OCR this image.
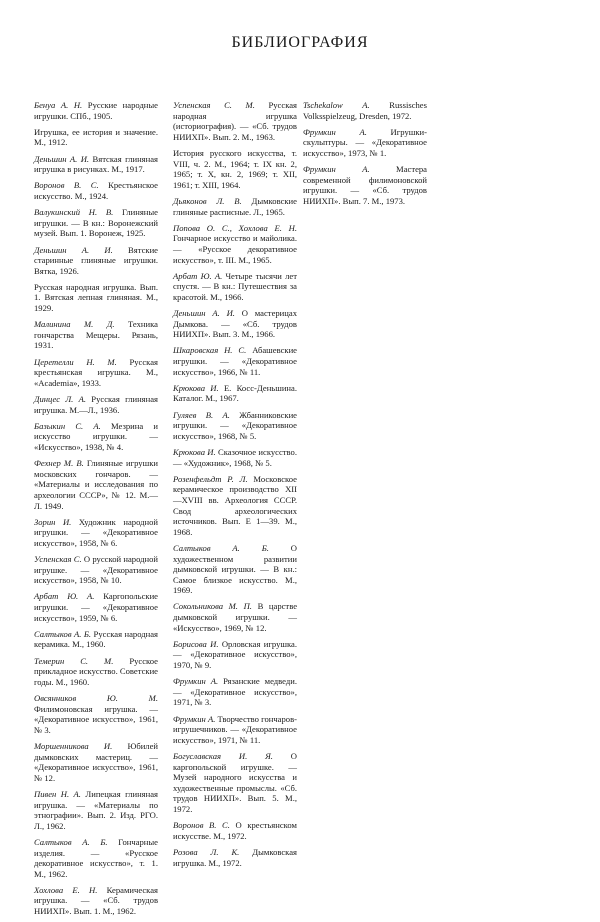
БИБЛИОГРАФИЯ

Бенуа А. Н. Русские народные игрушки. СПб., 1905.

Игрушка, ее история и значение. М., 1912.

Деньшин А. И. Вятская глиняная игрушка в рисунках. М., 1917.

Воронов В. С. Крестьянское искусство. М., 1924.

Валукинский Н. В. Глиняные игрушки. — В кн.: Воронежский музей. Вып. 1. Воронеж, 1925.

Деньшин А. И. Вятские старинные глиняные игрушки. Вятка, 1926.

Русская народная игрушка. Вып. 1. Вятская лепная глиняная. М., 1929.

Малинина М. Д. Техника гончарства Мещеры. Рязань, 1931.

Церетелли Н. М. Русская крестьянская игрушка. М., «Academia», 1933.

Динцес Л. А. Русская глиняная игрушка. М.—Л., 1936.

Базыкин С. А. Мезрина и искусство игрушки. — «Искусство», 1938, № 4.

Фехнер М. В. Глиняные игрушки московских гончаров. — «Материалы и исследования по археологии СССР», № 12. М.—Л. 1949.

Зорин И. Художник народной игрушки. — «Декоративное искусство», 1958, № 6.

Успенская С. О русской народной игрушке. — «Декоративное искусство», 1958, № 10.

Арбат Ю. А. Каргопольские игрушки. — «Декоративное искусство», 1959, № 6.

Салтыков А. Б. Русская народная керамика. М., 1960.

Темерин С. М. Русское прикладное искусство. Советские годы. М., 1960.

Овсянников Ю. М. Филимоновская игрушка. — «Декоративное искусство», 1961, № 3.

Моршенникова И. Юбилей дымковских мастериц. — «Декоративное искусство», 1961, № 12.

Пивен Н. А. Липецкая глиняная игрушка. — «Материалы по этнографии». Вып. 2. Изд. РГО. Л., 1962.

Салтыков А. Б. Гончарные изделия. — «Русское декоративное искусство», т. 1. М., 1962.

Хохлова Е. Н. Керамическая игрушка. — «Сб. трудов НИИХП». Вып. 1. М., 1962.

Успенская С. М. Русская народная игрушка (историография). — «Сб. трудов НИИХП». Вып. 2. М., 1963.

История русского искусства, т. VIII, ч. 2. М., 1964; т. IX кн. 2, 1965; т. X, кн. 2, 1969; т. XII, 1961; т. XIII, 1964.

Дьяконов Л. В. Дымковские глиняные расписные. Л., 1965.

Попова О. С., Хохлова Е. Н. Гончарное искусство и майолика. — «Русское декоративное искусство», т. III. М., 1965.

Арбат Ю. А. Четыре тысячи лет спустя. — В кн.: Путешествия за красотой. М., 1966.

Деньшин А. И. О мастерицах Дымкова. — «Сб. трудов НИИХП». Вып. 3. М., 1966.

Шкаровская Н. С. Абашевские игрушки. — «Декоративное искусство», 1966, № 11.

Крюкова И. Е. Косс-Деньшина. Каталог. М., 1967.

Гуляев В. А. Жбанниковские игрушки. — «Декоративное искусство», 1968, № 5.

Крюкова И. Сказочное искусство. — «Художник», 1968, № 5.

Розенфельдт Р. Л. Московское керамическое производство XII—XVIII вв. Археология СССР. Свод археологических источников. Вып. Е 1—39. М., 1968.

Салтыков А. Б.	О художественном развитии дымковской игрушки. — В кн.: Самое близкое искусство. М., 1969.

Сокольникова М. П. В царстве дымковской игрушки. — «Искусство», 1969, № 12.

Борисова И. Орловская игрушка. — «Декоративное искусство», 1970, № 9.

Фрумкин А. Рязанские медведи. — «Декоративное искусство», 1971, № 3.

Фрумкин А. Творчество гончаров-игрушечников. — «Декоративное искусство», 1971, № 11.

Богуславская И. Я. О каргопольской игрушке. — Музей народного искусства и художественные промыслы. «Сб. трудов НИИХП». Вып. 5. М., 1972.

Воронов В. С. О крестьянском искусстве. М., 1972.

Розова Л. К. Дымковская игрушка. М., 1972.

Tschekalow A. Russisches Volksspielzeug, Dresden, 1972.

Фрумкин А.	Игрушки-скульптуры. — «Декоративное искусство», 1973, № 1.

Фрумкин А.	Мастера современной филимоновской игрушки. — «Сб. трудов НИИХП». Вып. 7. М., 1973.
